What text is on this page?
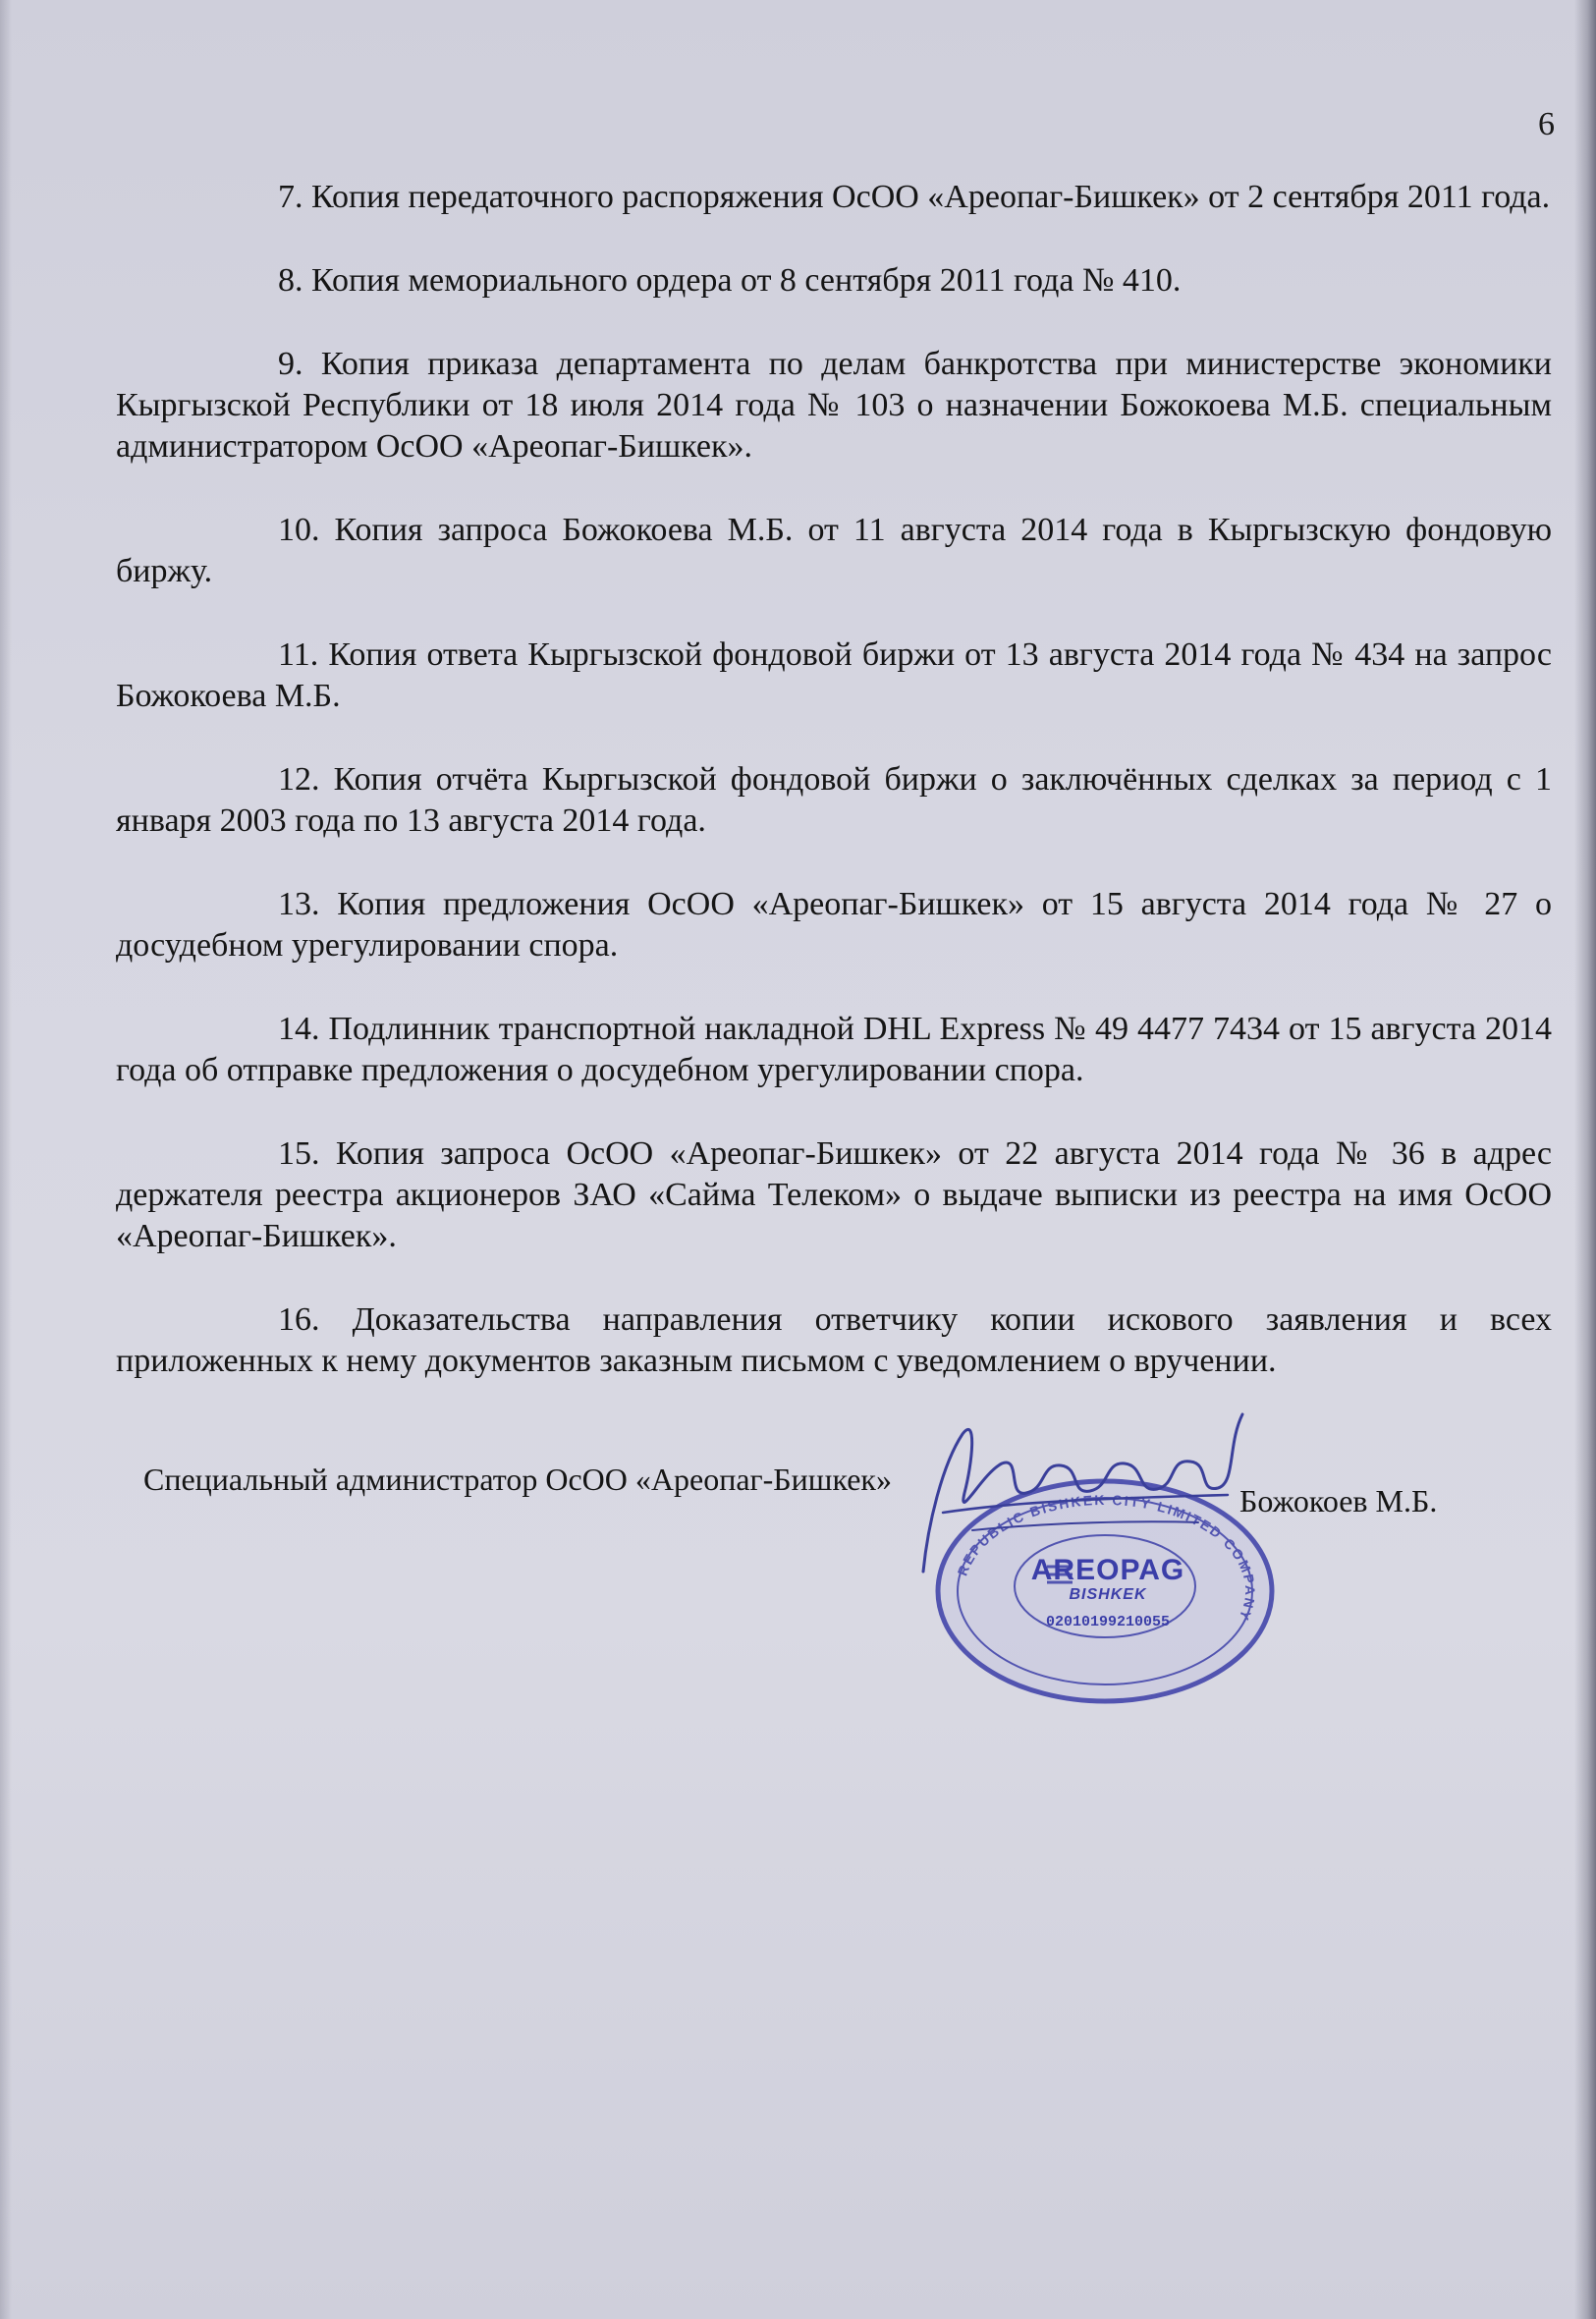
6

7. Копия передаточного распоряжения ОсОО «Ареопаг-Бишкек» от 2 сентября 2011 года.

8. Копия мемориального ордера от 8 сентября 2011 года № 410.

9. Копия приказа департамента по делам банкротства при министерстве экономики Кыргызской Республики от 18 июля 2014 года № 103 о назначении Божокоева М.Б. специальным администратором ОсОО «Ареопаг-Бишкек».

10. Копия запроса Божокоева М.Б. от 11 августа 2014 года в Кыргызскую фондовую биржу.

11. Копия ответа Кыргызской фондовой биржи от 13 августа 2014 года № 434 на запрос Божокоева М.Б.

12. Копия отчёта Кыргызской фондовой биржи о заключённых сделках за период с 1 января 2003 года по 13 августа 2014 года.

13. Копия предложения ОсОО «Ареопаг-Бишкек» от 15 августа 2014 года № 27 о досудебном урегулировании спора.

14. Подлинник транспортной накладной DHL Express № 49 4477 7434 от 15 августа 2014 года об отправке предложения о досудебном урегулировании спора.

15. Копия запроса ОсОО «Ареопаг-Бишкек» от 22 августа 2014 года № 36 в адрес держателя реестра акционеров ЗАО «Сайма Телеком» о выдаче выписки из реестра на имя ОсОО «Ареопаг-Бишкек».

16. Доказательства направления ответчику копии искового заявления и всех приложенных к нему документов заказным письмом с уведомлением о вручении.

Специальный администратор ОсОО «Ареопаг-Бишкек»
Божокоев М.Б.
REPUBLIC BISHKEK CITY LIMITED COMPANY
AREOPAG
BISHKEK
02010199210055
